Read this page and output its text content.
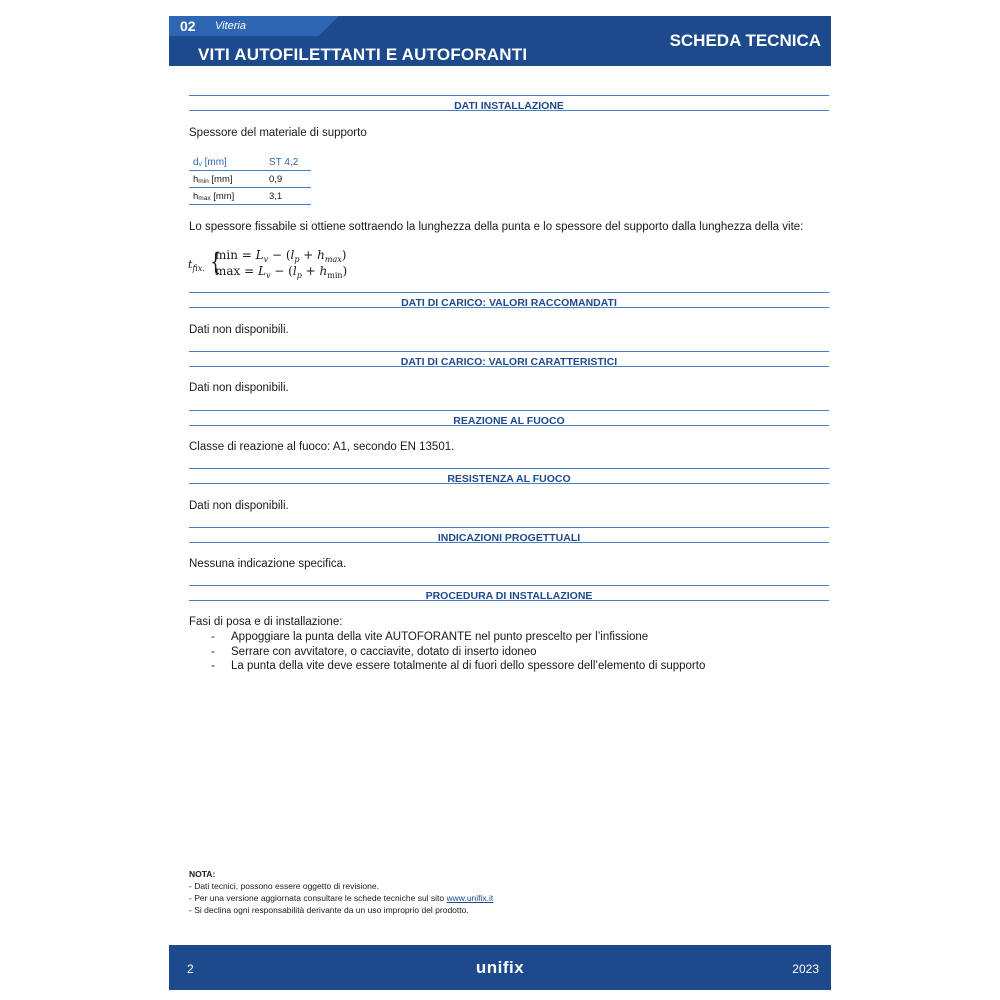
02 Viteria
VITI AUTOFILETTANTI E AUTOFORANTI
SCHEDA TECNICA
DATI INSTALLAZIONE
Spessore del materiale di supporto
dv [mm]	ST 4,2
hmin [mm]	0,9
hmax [mm]	3,1
Lo spessore fissabile si ottiene sottraendo la lunghezza della punta e lo spessore del supporto dalla lunghezza della vite:
$t_{fix.}$ {
$\min = L_v - (l_p + h_{max})$
$\max = L_v - (l_p + h_{min})$
DATI DI CARICO: VALORI RACCOMANDATI
Dati non disponibili.
DATI DI CARICO: VALORI CARATTERISTICI
Dati non disponibili.
REAZIONE AL FUOCO
Classe di reazione al fuoco: A1, secondo EN 13501.
RESISTENZA AL FUOCO
Dati non disponibili.
INDICAZIONI PROGETTUALI
Nessuna indicazione specifica.
PROCEDURA DI INSTALLAZIONE
Fasi di posa e di installazione:
- Appoggiare la punta della vite AUTOFORANTE nel punto prescelto per l’infissione
- Serrare con avvitatore, o cacciavite, dotato di inserto idoneo
- La punta della vite deve essere totalmente al di fuori dello spessore dell’elemento di supporto
NOTA:
- Dati tecnici, possono essere oggetto di revisione.
- Per una versione aggiornata consultare le schede tecniche sul sito www.unifix.it
- Si declina ogni responsabilità derivante da un uso improprio del prodotto.
2	unifix	2023
